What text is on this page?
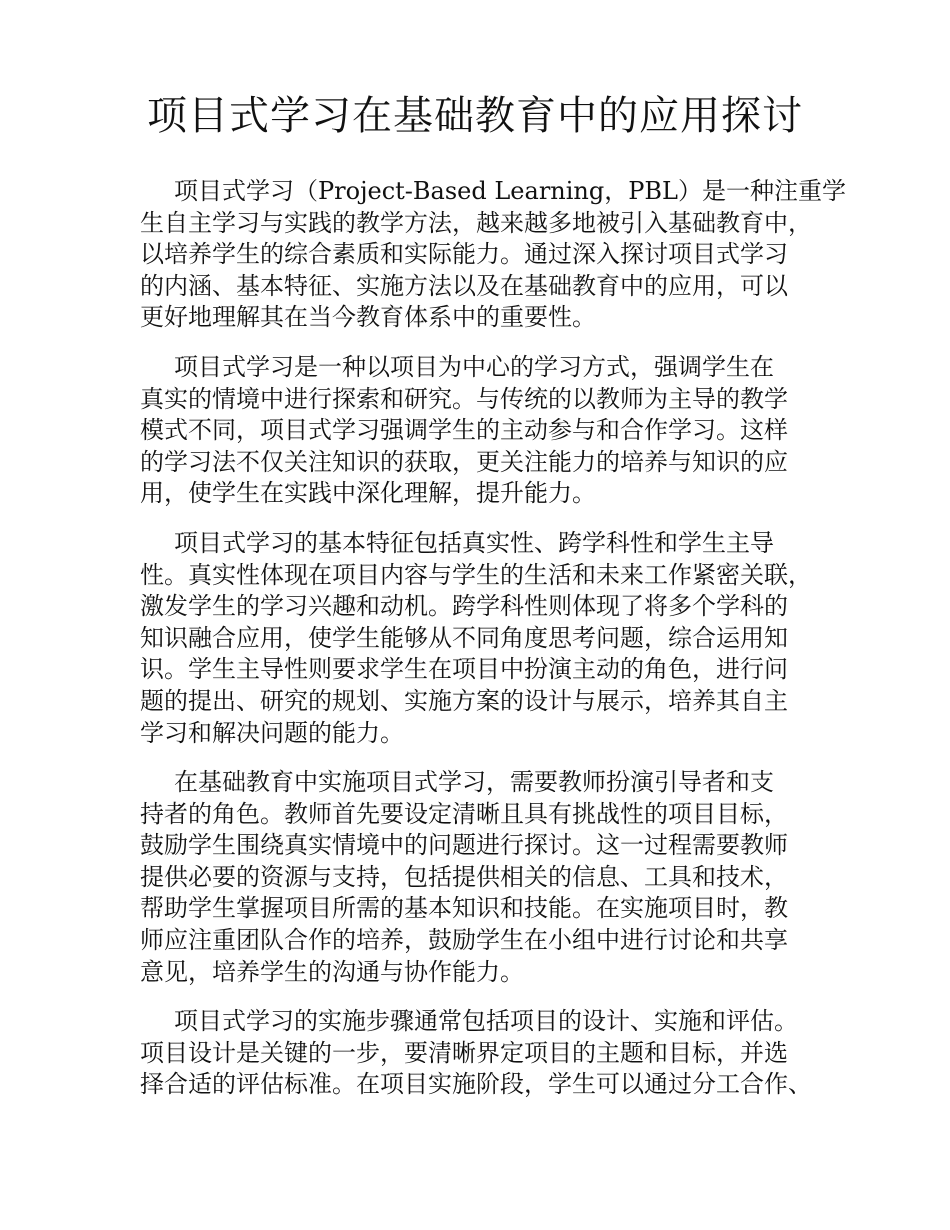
项目式学习在基础教育中的应用探讨

项目式学习（Project-Based Learning，PBL）是一种注重学
生自主学习与实践的教学方法，越来越多地被引入基础教育中，
以培养学生的综合素质和实际能力。通过深入探讨项目式学习
的内涵、基本特征、实施方法以及在基础教育中的应用，可以
更好地理解其在当今教育体系中的重要性。

项目式学习是一种以项目为中心的学习方式，强调学生在
真实的情境中进行探索和研究。与传统的以教师为主导的教学
模式不同，项目式学习强调学生的主动参与和合作学习。这样
的学习法不仅关注知识的获取，更关注能力的培养与知识的应
用，使学生在实践中深化理解，提升能力。

项目式学习的基本特征包括真实性、跨学科性和学生主导
性。真实性体现在项目内容与学生的生活和未来工作紧密关联，
激发学生的学习兴趣和动机。跨学科性则体现了将多个学科的
知识融合应用，使学生能够从不同角度思考问题，综合运用知
识。学生主导性则要求学生在项目中扮演主动的角色，进行问
题的提出、研究的规划、实施方案的设计与展示，培养其自主
学习和解决问题的能力。

在基础教育中实施项目式学习，需要教师扮演引导者和支
持者的角色。教师首先要设定清晰且具有挑战性的项目目标，
鼓励学生围绕真实情境中的问题进行探讨。这一过程需要教师
提供必要的资源与支持，包括提供相关的信息、工具和技术，
帮助学生掌握项目所需的基本知识和技能。在实施项目时，教
师应注重团队合作的培养，鼓励学生在小组中进行讨论和共享
意见，培养学生的沟通与协作能力。

项目式学习的实施步骤通常包括项目的设计、实施和评估。
项目设计是关键的一步，要清晰界定项目的主题和目标，并选
择合适的评估标准。在项目实施阶段，学生可以通过分工合作、
